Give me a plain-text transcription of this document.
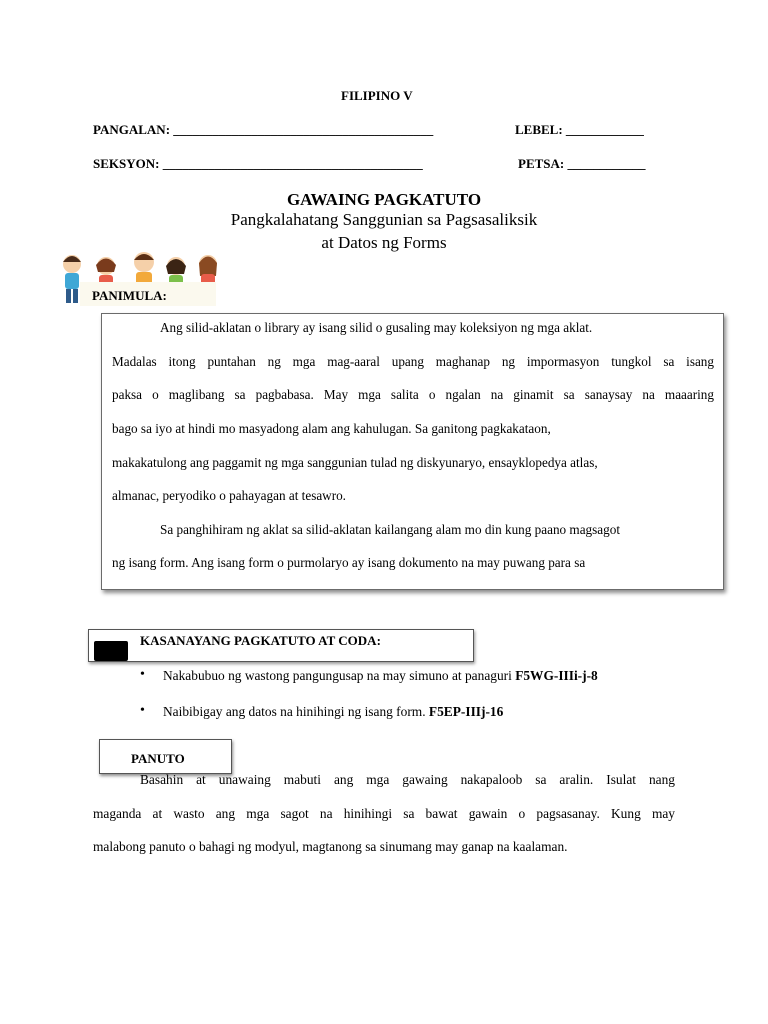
FILIPINO V
PANGALAN: ________________________________________	LEBEL: ____________
SEKSYON: ________________________________________	PETSA: ____________
GAWAING PAGKATUTO
Pangkalahatang Sanggunian sa Pagsasaliksik
at Datos ng Forms
PANIMULA:
Ang silid-aklatan o library ay isang silid o gusaling may koleksiyon ng mga aklat.
Madalas itong puntahan ng mga mag-aaral upang maghanap ng impormasyon tungkol sa isang
paksa o maglibang sa pagbabasa. May mga salita o ngalan na ginamit sa sanaysay na maaaring
bago sa iyo at hindi mo masyadong alam ang kahulugan. Sa ganitong pagkakataon,
makakatulong ang paggamit ng mga sanggunian tulad ng diskyunaryo, ensayklopedya atlas,
almanac, peryodiko o pahayagan at tesawro.
Sa panghihiram ng aklat sa silid-aklatan kailangang alam mo din kung paano magsagot
ng isang form. Ang isang form o purmolaryo ay isang dokumento na may puwang para sa
KASANAYANG PAGKATUTO AT CODA:
• Nakabubuo ng wastong pangungusap na may simuno at panaguri F5WG-IIIi-j-8
• Naibibigay ang datos na hinihingi ng isang form. F5EP-IIIj-16
PANUTO
Basahin at unawaing mabuti ang mga gawaing nakapaloob sa aralin. Isulat nang
maganda at wasto ang mga sagot na hinihingi sa bawat gawain o pagsasanay. Kung may
malabong panuto o bahagi ng modyul, magtanong sa sinumang may ganap na kaalaman.
